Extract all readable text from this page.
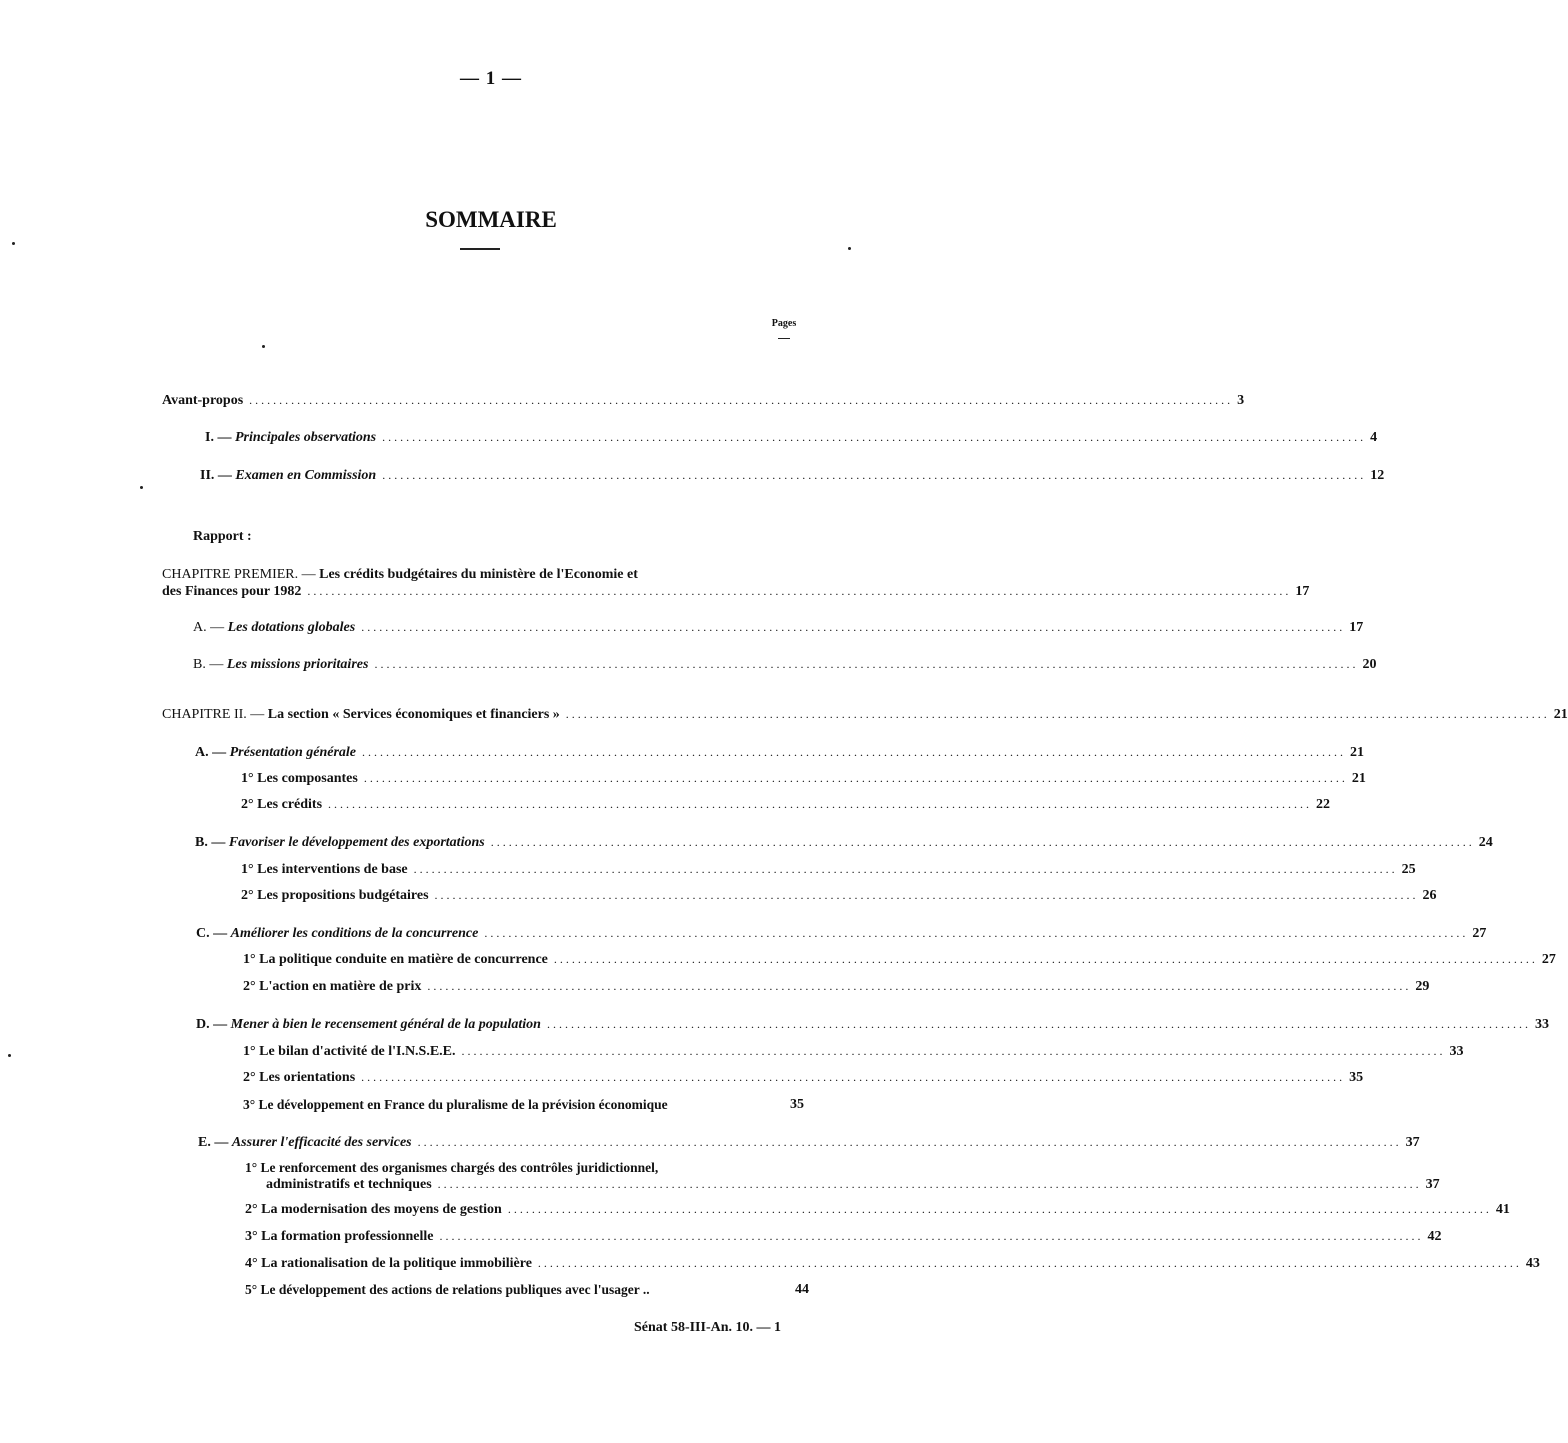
— 1 —
SOMMAIRE
Pages
Avant-propos .................................................................................................................................................................... 3
I. — Principales observations .................................................................................................................................................................... 4
II. — Examen en Commission .................................................................................................................................................................... 12
Rapport :
CHAPITRE PREMIER. — Les crédits budgétaires du ministère de l'Economie et
des Finances pour 1982 .................................................................................................................................................................... 17
A. — Les dotations globales .................................................................................................................................................................... 17
B. — Les missions prioritaires .................................................................................................................................................................... 20
CHAPITRE II. — La section « Services économiques et financiers » .................................................................................................................................................................... 21
A. — Présentation générale .................................................................................................................................................................... 21
1° Les composantes .................................................................................................................................................................... 21
2° Les crédits .................................................................................................................................................................... 22
B. — Favoriser le développement des exportations .................................................................................................................................................................... 24
1° Les interventions de base .................................................................................................................................................................... 25
2° Les propositions budgétaires .................................................................................................................................................................... 26
C. — Améliorer les conditions de la concurrence .................................................................................................................................................................... 27
1° La politique conduite en matière de concurrence .................................................................................................................................................................... 27
2° L'action en matière de prix .................................................................................................................................................................... 29
D. — Mener à bien le recensement général de la population .................................................................................................................................................................... 33
1° Le bilan d'activité de l'I.N.S.E.E. .................................................................................................................................................................... 33
2° Les orientations .................................................................................................................................................................... 35
3° Le développement en France du pluralisme de la prévision économique	35
E. — Assurer l'efficacité des services .................................................................................................................................................................... 37
1° Le renforcement des organismes chargés des contrôles juridictionnel,
administratifs et techniques .................................................................................................................................................................... 37
2° La modernisation des moyens de gestion .................................................................................................................................................................... 41
3° La formation professionnelle .................................................................................................................................................................... 42
4° La rationalisation de la politique immobilière .................................................................................................................................................................... 43
5° Le développement des actions de relations publiques avec l'usager ..	44
Sénat 58-III-An. 10. — 1
